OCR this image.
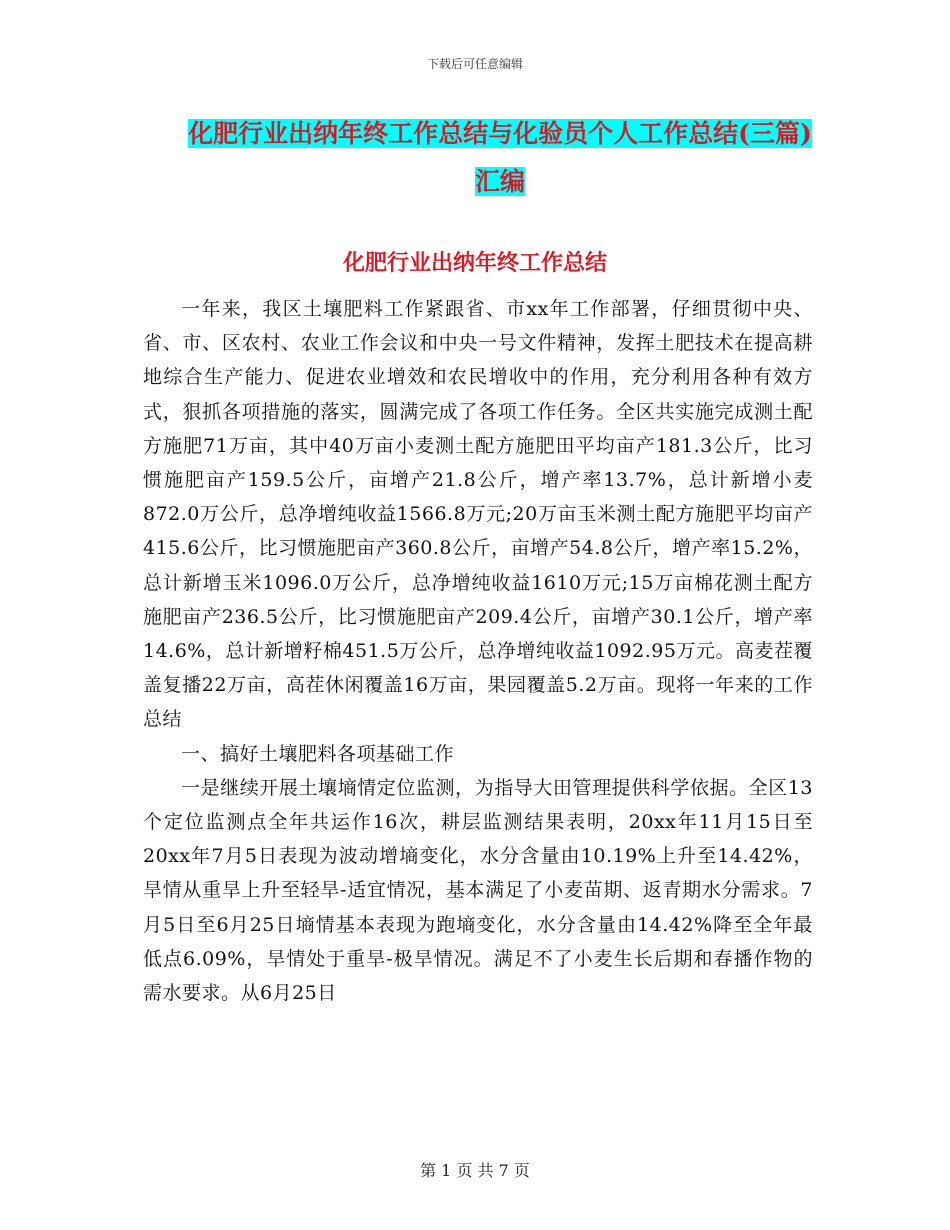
下载后可任意编辑
化肥行业出纳年终工作总结与化验员个人工作总结(三篇)汇编
化肥行业出纳年终工作总结

一年来，我区土壤肥料工作紧跟省、市xx年工作部署，仔细贯彻中央、省、市、区农村、农业工作会议和中央一号文件精神，发挥土肥技术在提高耕地综合生产能力、促进农业增效和农民增收中的作用，充分利用各种有效方式，狠抓各项措施的落实，圆满完成了各项工作任务。全区共实施完成测土配方施肥71万亩，其中40万亩小麦测土配方施肥田平均亩产181.3公斤，比习惯施肥亩产159.5公斤，亩增产21.8公斤，增产率13.7%，总计新增小麦872.0万公斤，总净增纯收益1566.8万元;20万亩玉米测土配方施肥平均亩产415.6公斤，比习惯施肥亩产360.8公斤，亩增产54.8公斤，增产率15.2%，总计新增玉米1096.0万公斤，总净增纯收益1610万元;15万亩棉花测土配方施肥亩产236.5公斤，比习惯施肥亩产209.4公斤，亩增产30.1公斤，增产率14.6%，总计新增籽棉451.5万公斤，总净增纯收益1092.95万元。高麦茬覆盖复播22万亩，高茬休闲覆盖16万亩，果园覆盖5.2万亩。现将一年来的工作总结

一、搞好土壤肥料各项基础工作

一是继续开展土壤墒情定位监测，为指导大田管理提供科学依据。全区13个定位监测点全年共运作16次，耕层监测结果表明，20xx年11月15日至20xx年7月5日表现为波动增墒变化，水分含量由10.19%上升至14.42%，旱情从重旱上升至轻旱-适宜情况，基本满足了小麦苗期、返青期水分需求。7月5日至6月25日墒情基本表现为跑墒变化，水分含量由14.42%降至全年最低点6.09%，旱情处于重旱-极旱情况。满足不了小麦生长后期和春播作物的需水要求。从6月25日

第 1 页 共 7 页
